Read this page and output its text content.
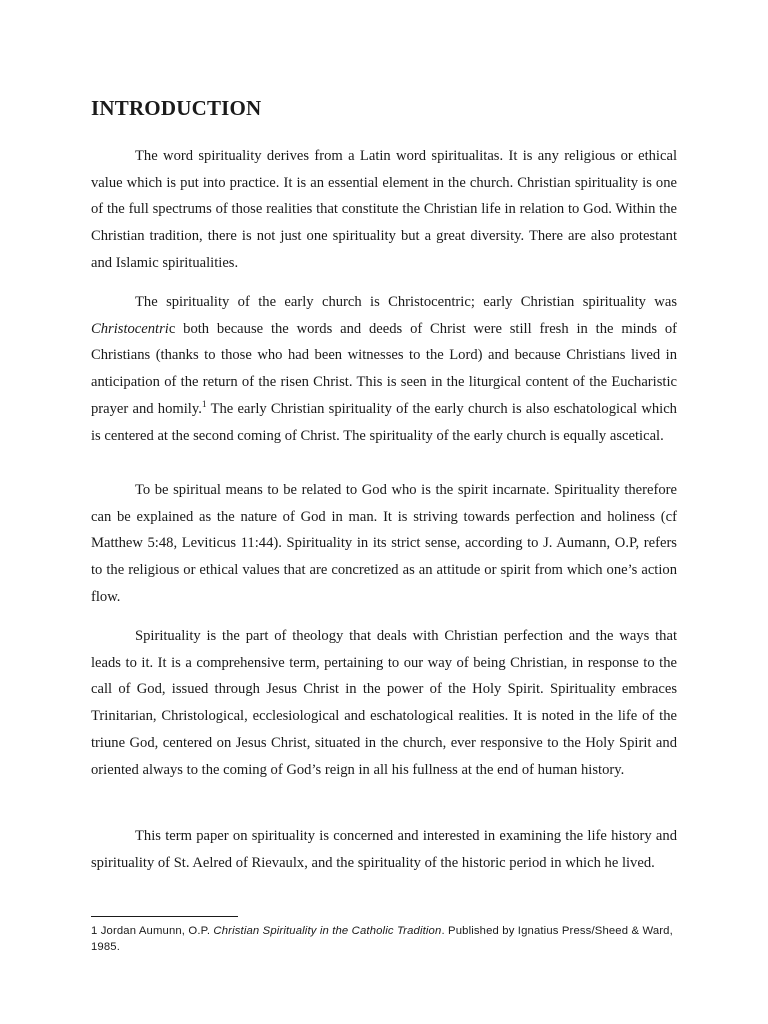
INTRODUCTION

The word spirituality derives from a Latin word spiritualitas. It is any religious or ethical value which is put into practice. It is an essential element in the church. Christian spirituality is one of the full spectrums of those realities that constitute the Christian life in relation to God. Within the Christian tradition, there is not just one spirituality but a great diversity. There are also protestant and Islamic spiritualities.

The spirituality of the early church is Christocentric; early Christian spirituality was Christocentric both because the words and deeds of Christ were still fresh in the minds of Christians (thanks to those who had been witnesses to the Lord) and because Christians lived in anticipation of the return of the risen Christ. This is seen in the liturgical content of the Eucharistic prayer and homily.$^1$ The early Christian spirituality of the early church is also eschatological which is centered at the second coming of Christ. The spirituality of the early church is equally ascetical.

To be spiritual means to be related to God who is the spirit incarnate. Spirituality therefore can be explained as the nature of God in man. It is striving towards perfection and holiness (cf Matthew 5:48, Leviticus 11:44). Spirituality in its strict sense, according to J. Aumann, O.P, refers to the religious or ethical values that are concretized as an attitude or spirit from which one’s action flow.

Spirituality is the part of theology that deals with Christian perfection and the ways that leads to it. It is a comprehensive term, pertaining to our way of being Christian, in response to the call of God, issued through Jesus Christ in the power of the Holy Spirit. Spirituality embraces Trinitarian, Christological, ecclesiological and eschatological realities. It is noted in the life of the triune God, centered on Jesus Christ, situated in the church, ever responsive to the Holy Spirit and oriented always to the coming of God’s reign in all his fullness at the end of human history.

This term paper on spirituality is concerned and interested in examining the life history and spirituality of St. Aelred of Rievaulx, and the spirituality of the historic period in which he lived.

1 Jordan Aumunn, O.P. Christian Spirituality in the Catholic Tradition. Published by Ignatius Press/Sheed & Ward, 1985.
